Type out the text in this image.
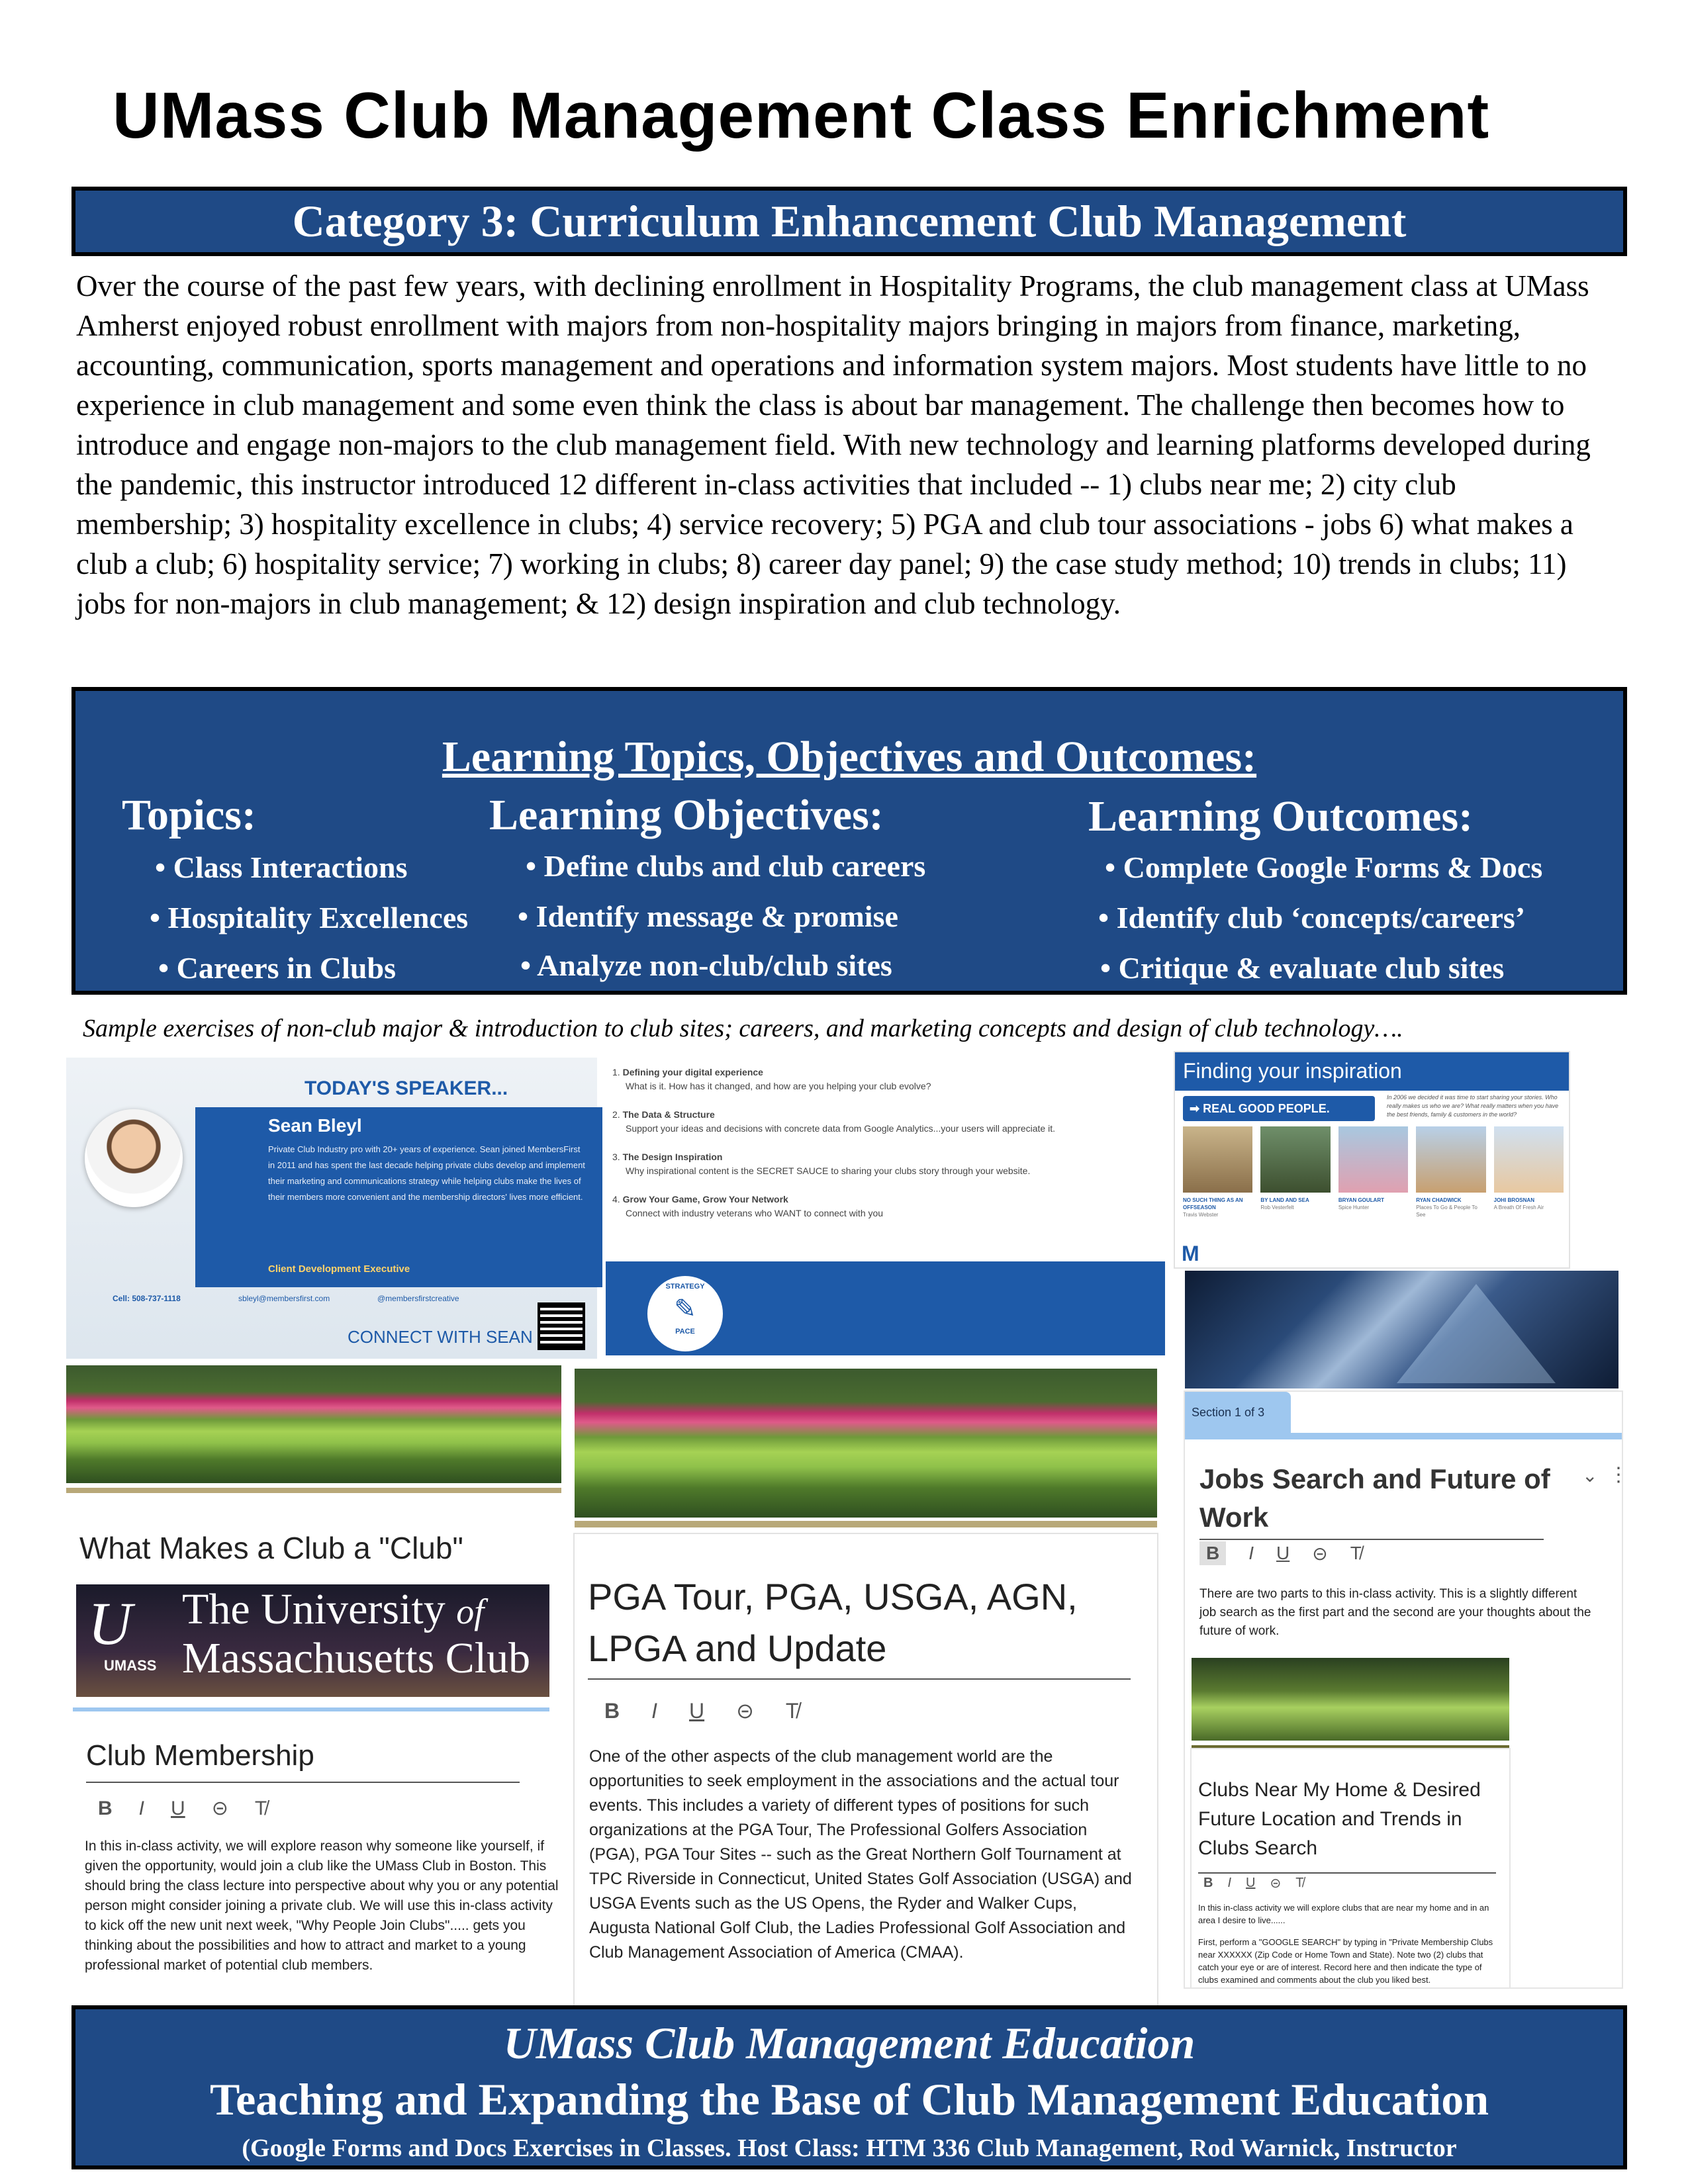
UMass Club Management Class Enrichment
Category 3: Curriculum Enhancement Club Management
Over the course of the past few years, with declining enrollment in Hospitality Programs, the club management class at UMass Amherst enjoyed robust enrollment with majors from non-hospitality majors bringing in majors from finance, marketing, accounting, communication, sports management and operations and information system majors. Most students have little to no experience in club management and some even think the class is about bar management. The challenge then becomes how to introduce and engage non-majors to the club management field. With new technology and learning platforms developed during the pandemic, this instructor introduced 12 different in-class activities that included -- 1) clubs near me; 2) city club membership; 3) hospitality excellence in clubs; 4) service recovery; 5) PGA and club tour associations - jobs 6) what makes a club a club; 6) hospitality service; 7) working in clubs; 8) career day panel; 9) the case study method; 10) trends in clubs; 11) jobs for non-majors in club management; & 12) design inspiration and club technology.
Learning Topics, Objectives and Outcomes:
Topics:
• Class Interactions
• Hospitality Excellences
• Careers in Clubs
Learning Objectives:
• Define clubs and club careers
• Identify message & promise
• Analyze non-club/club sites
Learning Outcomes:
• Complete Google Forms & Docs
• Identify club ‘concepts/careers’
• Critique & evaluate club sites
Sample exercises of non-club major & introduction to club sites; careers, and marketing concepts and design of club technology….
TODAY'S SPEAKER...
Sean Bleyl
Private Club Industry pro with 20+ years of experience. Sean joined MembersFirst in 2011 and has spent the last decade helping private clubs develop and implement their marketing and communications strategy while helping clubs make the lives of their members more convenient and the membership directors' lives more efficient.
Client Development Executive
Cell: 508-737-1118	sbleyl@membersfirst.com	@membersfirstcreative
CONNECT WITH SEAN
1. Defining your digital experience
What is it. How has it changed, and how are you helping your club evolve?
2. The Data & Structure
Support your ideas and decisions with concrete data from Google Analytics...your users will appreciate it.
3. The Design Inspiration
Why inspirational content is the SECRET SAUCE to sharing your clubs story through your website.
4. Grow Your Game, Grow Your Network
Connect with industry veterans who WANT to connect with you
STRATEGY
✎
PACE
Finding your inspiration
➡ REAL GOOD PEOPLE.
In 2006 we decided it was time to start sharing your stories. Who really makes us who we are? What really matters when you have the best friends, family & customers in the world?
NO SUCH THING AS AN OFFSEASON
Travis Webster
BY LAND AND SEA
Rob Vesterfelt
BRYAN GOULART
Spice Hunter
RYAN CHADWICK
Places To Go & People To See
JOHI BROSNAN
A Breath Of Fresh Air
M
What Makes a Club a "Club"
U
UMASS
The University of
Massachusetts Club
Club Membership
B I U ⊝ T̸
In this in-class activity, we will explore reason why someone like yourself, if given the opportunity, would join a club like the UMass Club in Boston. This should bring the class lecture into perspective about why you or any potential person might consider joining a private club. We will use this in-class activity to kick off the new unit next week, "Why People Join Clubs"..... gets you thinking about the possibilities and how to attract and market to a young professional market of potential club members.
PGA Tour, PGA, USGA, AGN, LPGA and Update
B I U ⊝ T̸
One of the other aspects of the club management world are the opportunities to seek employment in the associations and the actual tour events. This includes a variety of different types of positions for such organizations at the PGA Tour, The Professional Golfers Association (PGA), PGA Tour Sites -- such as the Great Northern Golf Tournament at TPC Riverside in Connecticut, United States Golf Association (USGA) and USGA Events such as the US Opens, the Ryder and Walker Cups, Augusta National Golf Club, the Ladies Professional Golf Association and Club Management Association of America (CMAA).
Section 1 of 3
Jobs Search and Future of Work
⌄ ⋮
B	I U ⊝ T̸
There are two parts to this in-class activity. This is a slightly different job search as the first part and the second are your thoughts about the future of work.
Clubs Near My Home & Desired Future Location and Trends in Clubs Search
B I U ⊝ T̸
In this in-class activity we will explore clubs that are near my home and in an area I desire to live......
First, perform a "GOOGLE SEARCH" by typing in "Private Membership Clubs near XXXXXX (Zip Code or Home Town and State). Note two (2) clubs that catch your eye or are of interest. Record here and then indicate the type of clubs examined and comments about the club you liked best.
UMass Club Management Education
Teaching and Expanding the Base of Club Management Education
(Google Forms and Docs Exercises in Classes. Host Class: HTM 336 Club Management, Rod Warnick, Instructor
